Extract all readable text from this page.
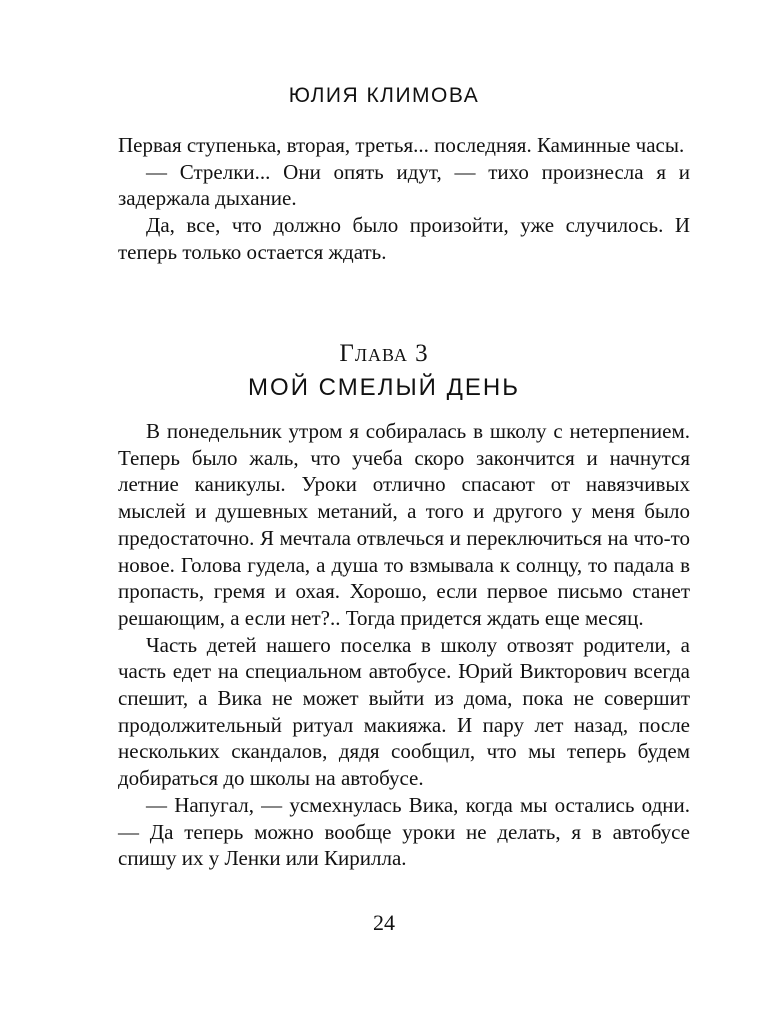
ЮЛИЯ КЛИМОВА

Первая ступенька, вторая, третья... последняя. Каминные часы.

— Стрелки... Они опять идут, — тихо произнесла я и задержала дыхание.

Да, все, что должно было произойти, уже случилось. И теперь только остается ждать.

Глава 3
МОЙ СМЕЛЫЙ ДЕНЬ

В понедельник утром я собиралась в школу с нетерпением. Теперь было жаль, что учеба скоро закончится и начнутся летние каникулы. Уроки отлично спасают от навязчивых мыслей и душевных метаний, а того и другого у меня было предостаточно. Я мечтала отвлечься и переключиться на что-то новое. Голова гудела, а душа то взмывала к солнцу, то падала в пропасть, гремя и охая. Хорошо, если первое письмо станет решающим, а если нет?.. Тогда придется ждать еще месяц.

Часть детей нашего поселка в школу отвозят родители, а часть едет на специальном автобусе. Юрий Викторович всегда спешит, а Вика не может выйти из дома, пока не совершит продолжительный ритуал макияжа. И пару лет назад, после нескольких скандалов, дядя сообщил, что мы теперь будем добираться до школы на автобусе.

— Напугал, — усмехнулась Вика, когда мы остались одни. — Да теперь можно вообще уроки не делать, я в автобусе спишу их у Ленки или Кирилла.

24
